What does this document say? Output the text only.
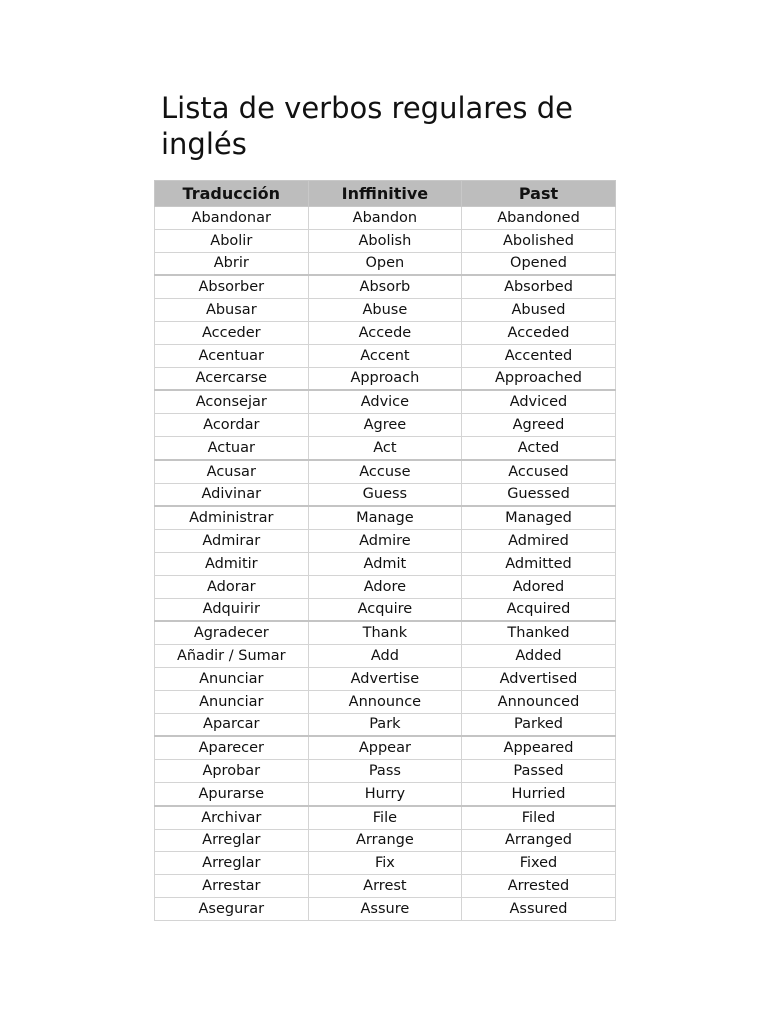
Lista de verbos regulares de inglés
Traducción	Inffinitive	Past
Abandonar	Abandon	Abandoned
Abolir	Abolish	Abolished
Abrir	Open	Opened
Absorber	Absorb	Absorbed
Abusar	Abuse	Abused
Acceder	Accede	Acceded
Acentuar	Accent	Accented
Acercarse	Approach	Approached
Aconsejar	Advice	Adviced
Acordar	Agree	Agreed
Actuar	Act	Acted
Acusar	Accuse	Accused
Adivinar	Guess	Guessed
Administrar	Manage	Managed
Admirar	Admire	Admired
Admitir	Admit	Admitted
Adorar	Adore	Adored
Adquirir	Acquire	Acquired
Agradecer	Thank	Thanked
Añadir / Sumar	Add	Added
Anunciar	Advertise	Advertised
Anunciar	Announce	Announced
Aparcar	Park	Parked
Aparecer	Appear	Appeared
Aprobar	Pass	Passed
Apurarse	Hurry	Hurried
Archivar	File	Filed
Arreglar	Arrange	Arranged
Arreglar	Fix	Fixed
Arrestar	Arrest	Arrested
Asegurar	Assure	Assured
